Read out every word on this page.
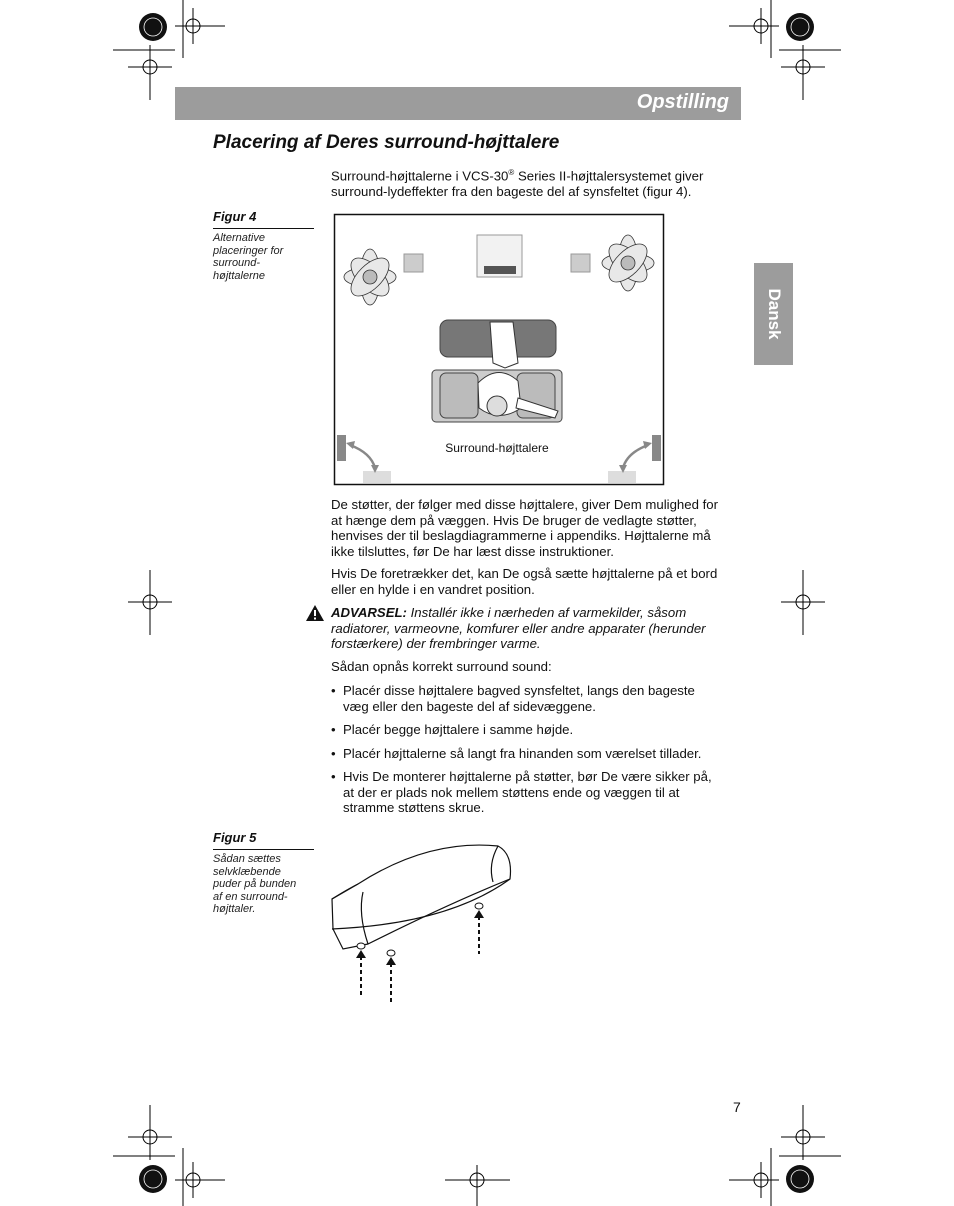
Opstilling
Dansk
Placering af Deres surround-højttalere
Surround-højttalerne i VCS-30® Series II-højttalersystemet giver
surround-lydeffekter fra den bageste del af synsfeltet (figur 4).
Figur 4
Alternative
placeringer for
surround-
højttalerne
Surround-højttalere
De støtter, der følger med disse højttalere, giver Dem mulighed for
at hænge dem på væggen. Hvis De bruger de vedlagte støtter,
henvises der til beslagdiagrammerne i appendiks. Højttalerne må
ikke tilsluttes, før De har læst disse instruktioner.
Hvis De foretrækker det, kan De også sætte højttalerne på et bord
eller en hylde i en vandret position.
ADVARSEL: Installér ikke i nærheden af varmekilder, såsom
radiatorer, varmeovne, komfurer eller andre apparater (herunder
forstærkere) der frembringer varme.
Sådan opnås korrekt surround sound:
• Placér disse højttalere bagved synsfeltet, langs den bageste
væg eller den bageste del af sidevæggene.
• Placér begge højttalere i samme højde.
• Placér højttalerne så langt fra hinanden som værelset tillader.
• Hvis De monterer højttalerne på støtter, bør De være sikker på,
at der er plads nok mellem støttens ende og væggen til at
stramme støttens skrue.
Figur 5
Sådan sættes
selvklæbende
puder på bunden
af en surround-
højttaler.
7
